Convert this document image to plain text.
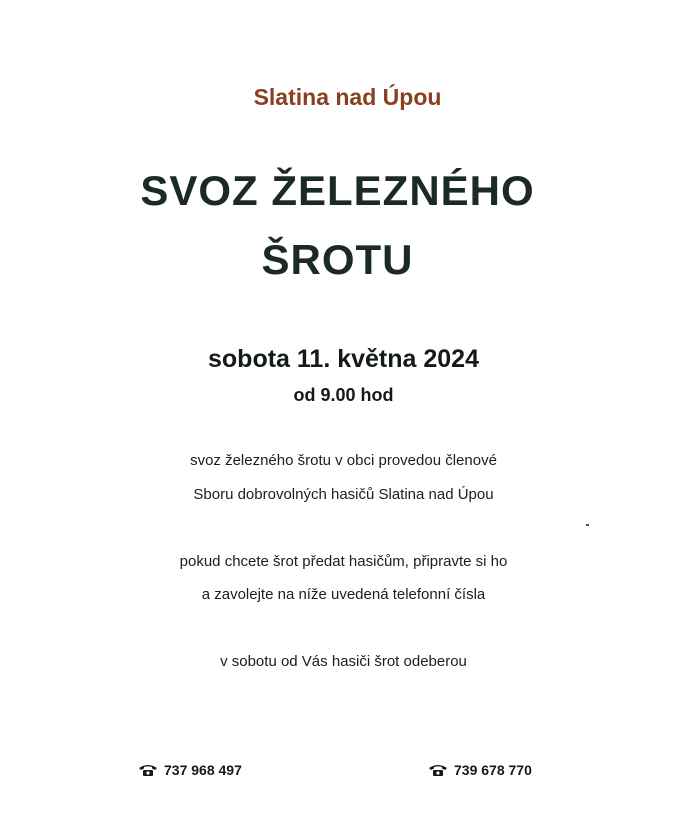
Slatina nad Úpou
SVOZ ŽELEZNÉHO
ŠROTU
sobota 11. května 2024
od 9.00 hod
svoz železného šrotu v obci provedou členové
Sboru dobrovolných hasičů Slatina nad Úpou
pokud chcete šrot předat hasičům, připravte si ho
a zavolejte na níže uvedená telefonní čísla
v sobotu od Vás hasiči šrot odeberou
737 968 497	739 678 770
